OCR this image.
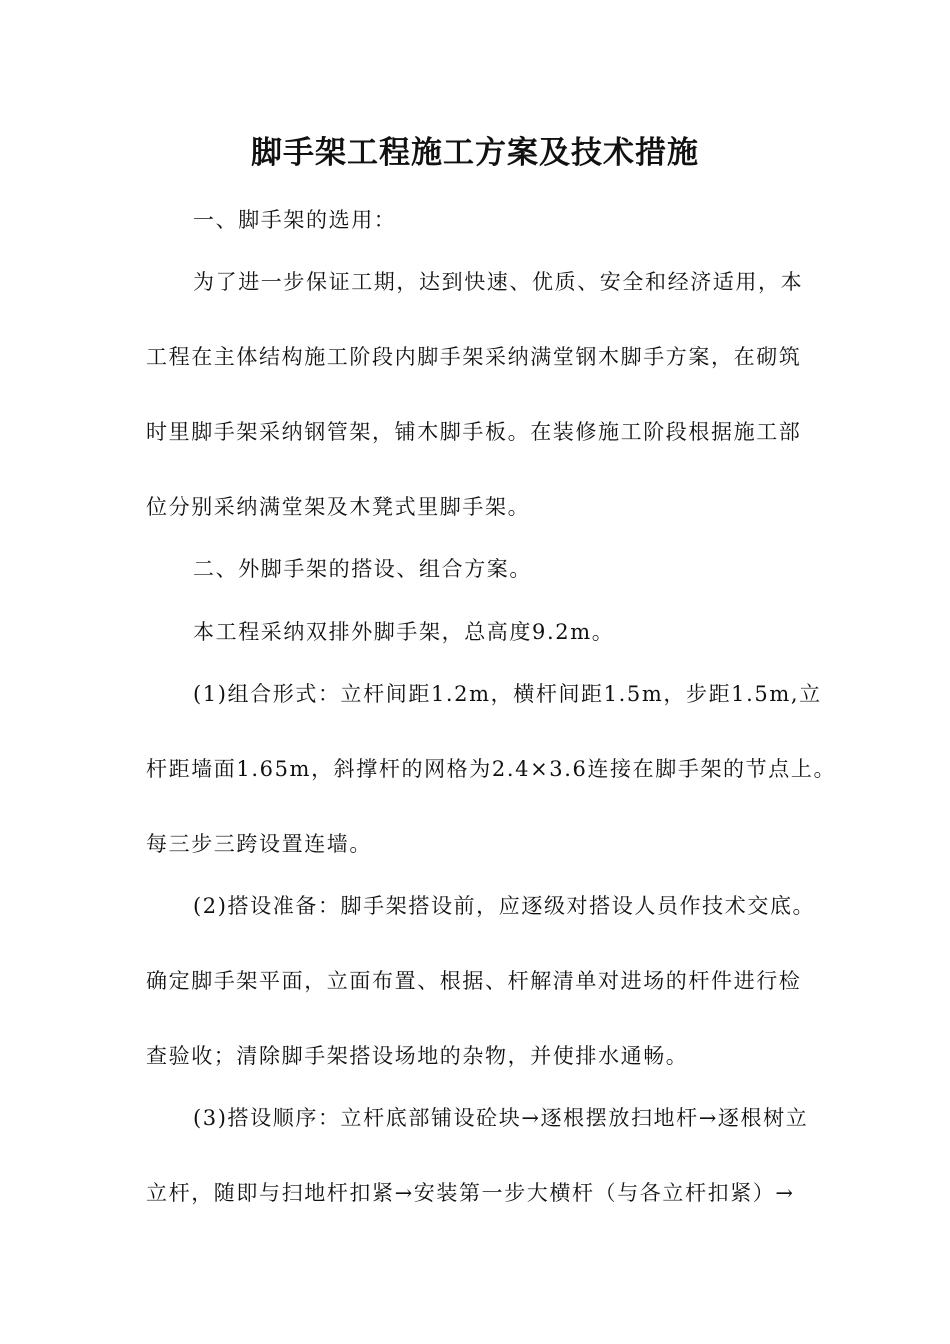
脚手架工程施工方案及技术措施
一、脚手架的选用：
为了进一步保证工期，达到快速、优质、安全和经济适用，本
工程在主体结构施工阶段内脚手架采纳满堂钢木脚手方案，在砌筑
时里脚手架采纳钢管架，铺木脚手板。在装修施工阶段根据施工部
位分别采纳满堂架及木凳式里脚手架。
二、外脚手架的搭设、组合方案。
本工程采纳双排外脚手架，总高度9.2m。
(1)组合形式：立杆间距1.2m，横杆间距1.5m，步距1.5m,立
杆距墙面1.65m，斜撑杆的网格为2.4×3.6连接在脚手架的节点上。
每三步三跨设置连墙。
(2)搭设准备：脚手架搭设前，应逐级对搭设人员作技术交底。
确定脚手架平面，立面布置、根据、杆解清单对进场的杆件进行检
查验收；清除脚手架搭设场地的杂物，并使排水通畅。
(3)搭设顺序：立杆底部铺设砼块→逐根摆放扫地杆→逐根树立
立杆，随即与扫地杆扣紧→安装第一步大横杆（与各立杆扣紧）→
